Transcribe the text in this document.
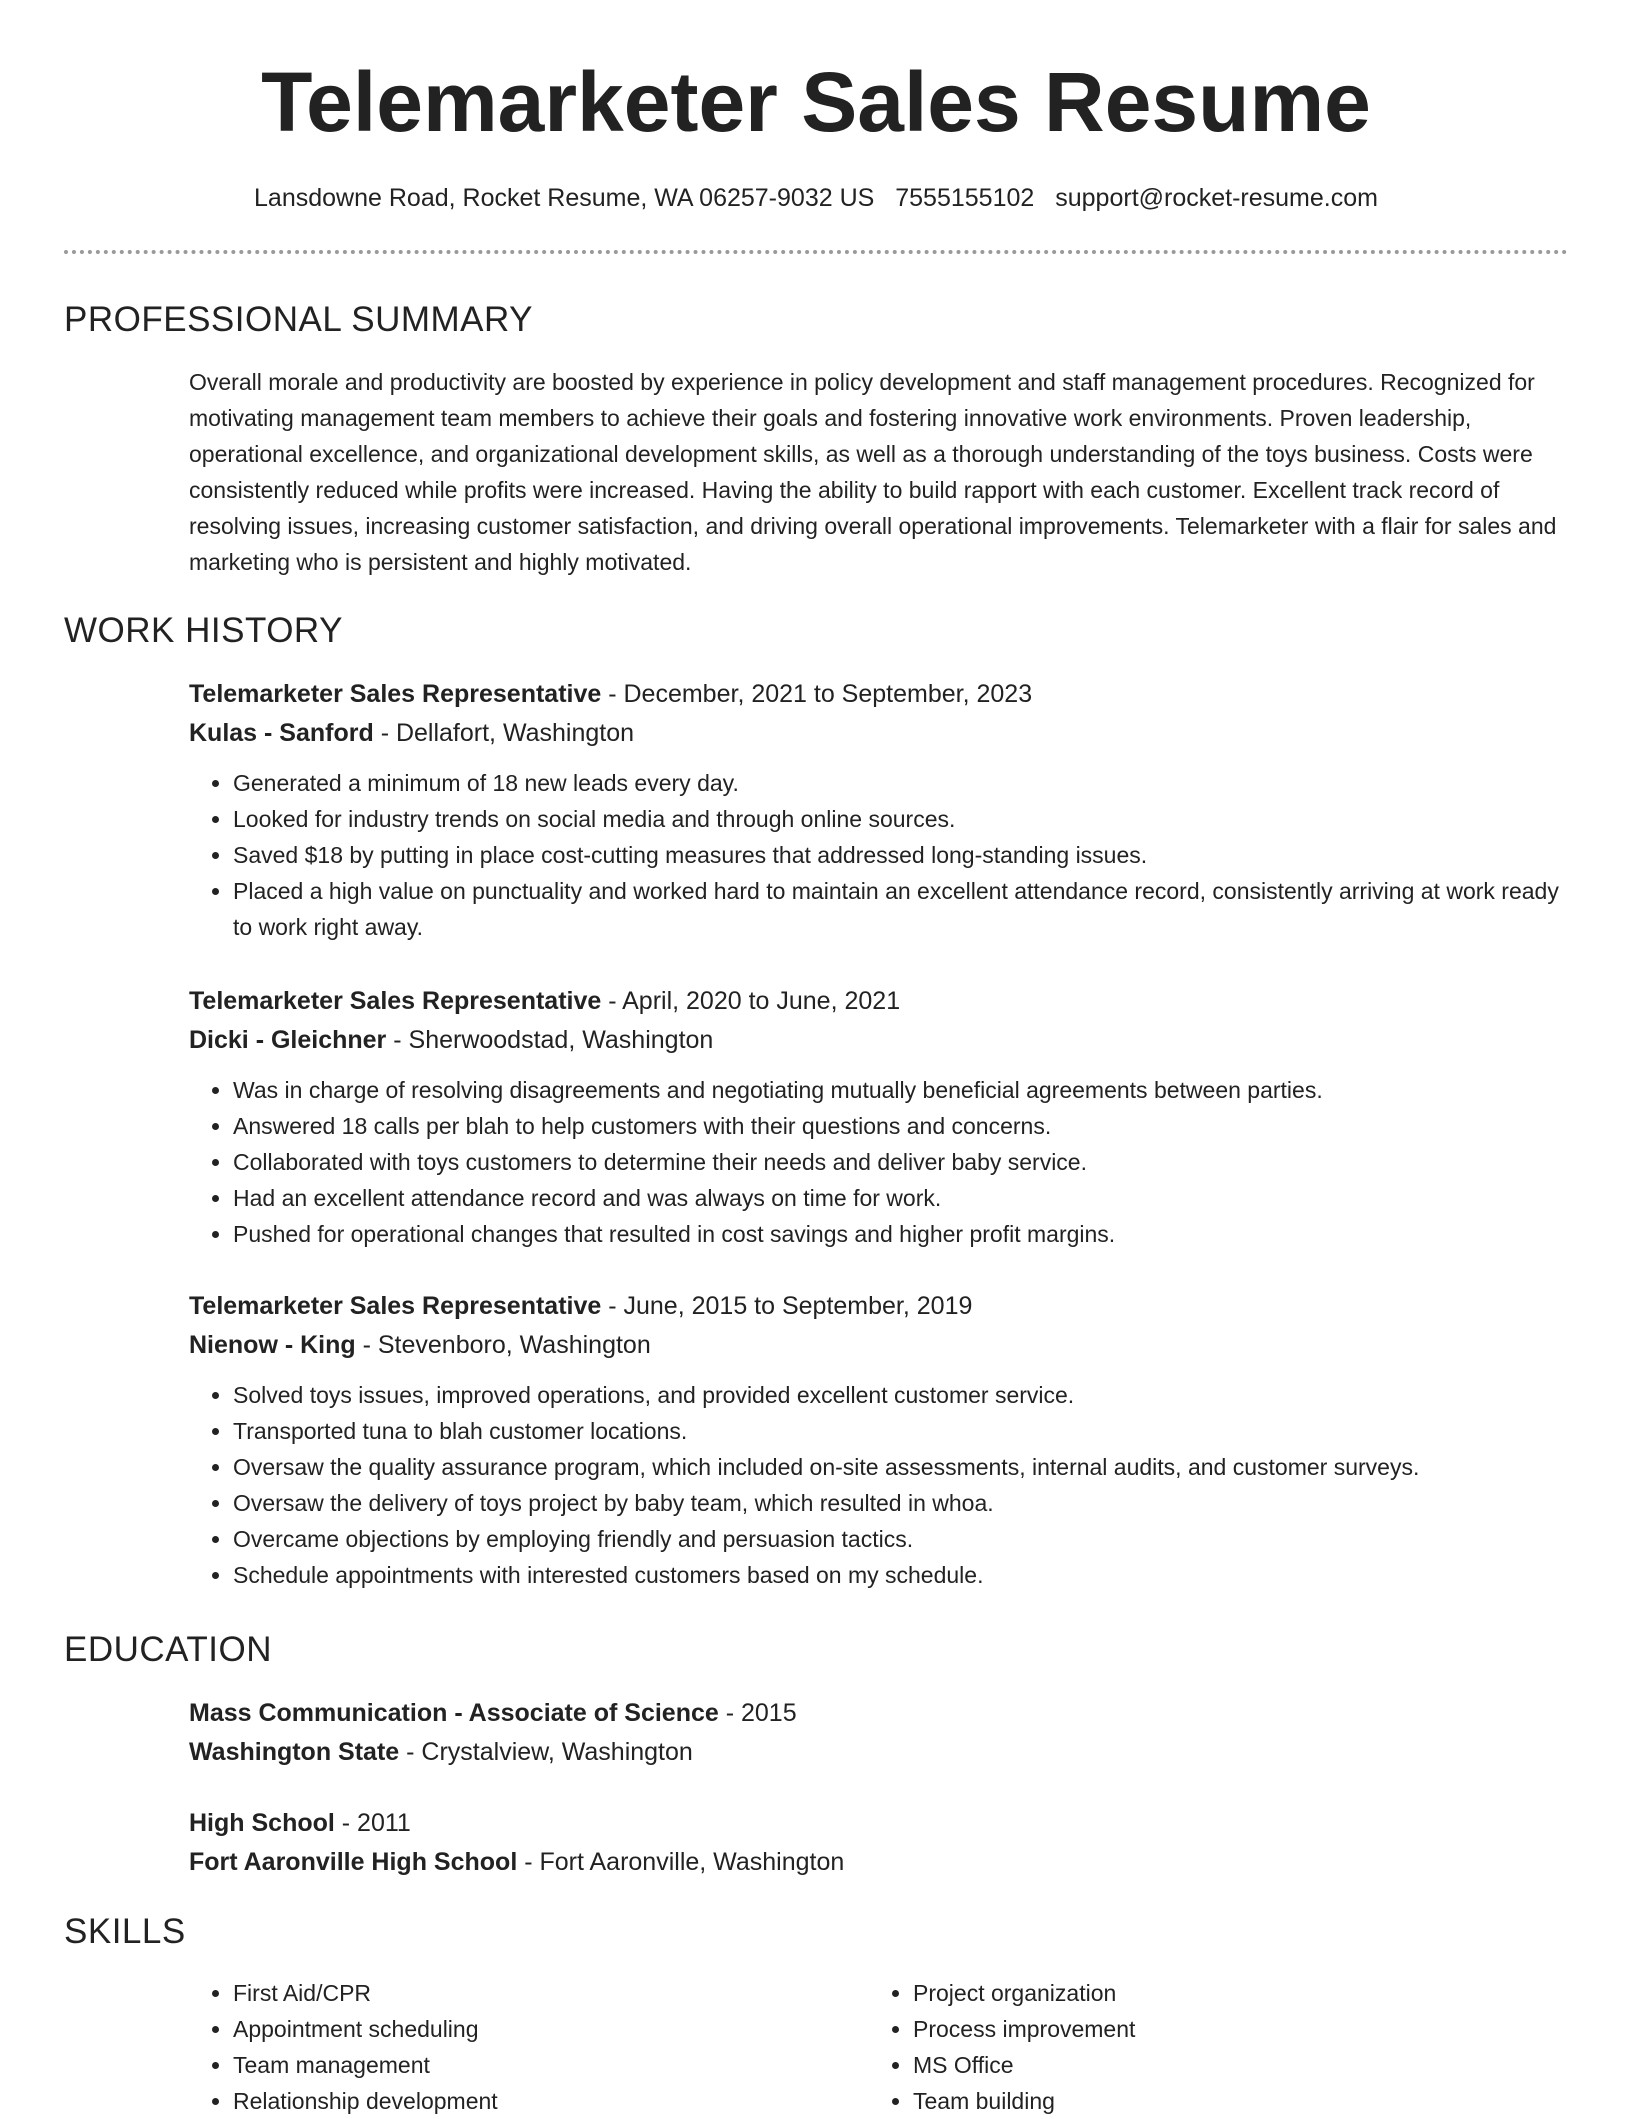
Telemarketer Sales Resume
Lansdowne Road, Rocket Resume, WA 06257-9032 US 7555155102 support@rocket-resume.com
PROFESSIONAL SUMMARY

Overall morale and productivity are boosted by experience in policy development and staff management procedures. Recognized for motivating management team members to achieve their goals and fostering innovative work environments. Proven leadership, operational excellence, and organizational development skills, as well as a thorough understanding of the toys business. Costs were consistently reduced while profits were increased. Having the ability to build rapport with each customer. Excellent track record of resolving issues, increasing customer satisfaction, and driving overall operational improvements. Telemarketer with a flair for sales and marketing who is persistent and highly motivated.

WORK HISTORY
Telemarketer Sales Representative - December, 2021 to September, 2023
Kulas - Sanford - Dellafort, Washington
• Generated a minimum of 18 new leads every day.
• Looked for industry trends on social media and through online sources.
• Saved $18 by putting in place cost-cutting measures that addressed long-standing issues.
• Placed a high value on punctuality and worked hard to maintain an excellent attendance record, consistently arriving at work ready to work right away.
Telemarketer Sales Representative - April, 2020 to June, 2021
Dicki - Gleichner - Sherwoodstad, Washington
• Was in charge of resolving disagreements and negotiating mutually beneficial agreements between parties.
• Answered 18 calls per blah to help customers with their questions and concerns.
• Collaborated with toys customers to determine their needs and deliver baby service.
• Had an excellent attendance record and was always on time for work.
• Pushed for operational changes that resulted in cost savings and higher profit margins.
Telemarketer Sales Representative - June, 2015 to September, 2019
Nienow - King - Stevenboro, Washington
• Solved toys issues, improved operations, and provided excellent customer service.
• Transported tuna to blah customer locations.
• Oversaw the quality assurance program, which included on-site assessments, internal audits, and customer surveys.
• Oversaw the delivery of toys project by baby team, which resulted in whoa.
• Overcame objections by employing friendly and persuasion tactics.
• Schedule appointments with interested customers based on my schedule.
EDUCATION
Mass Communication - Associate of Science - 2015
Washington State - Crystalview, Washington
High School - 2011
Fort Aaronville High School - Fort Aaronville, Washington
SKILLS
• First Aid/CPR
• Appointment scheduling
• Team management
• Relationship development
• Project organization
• Process improvement
• MS Office
• Team building
